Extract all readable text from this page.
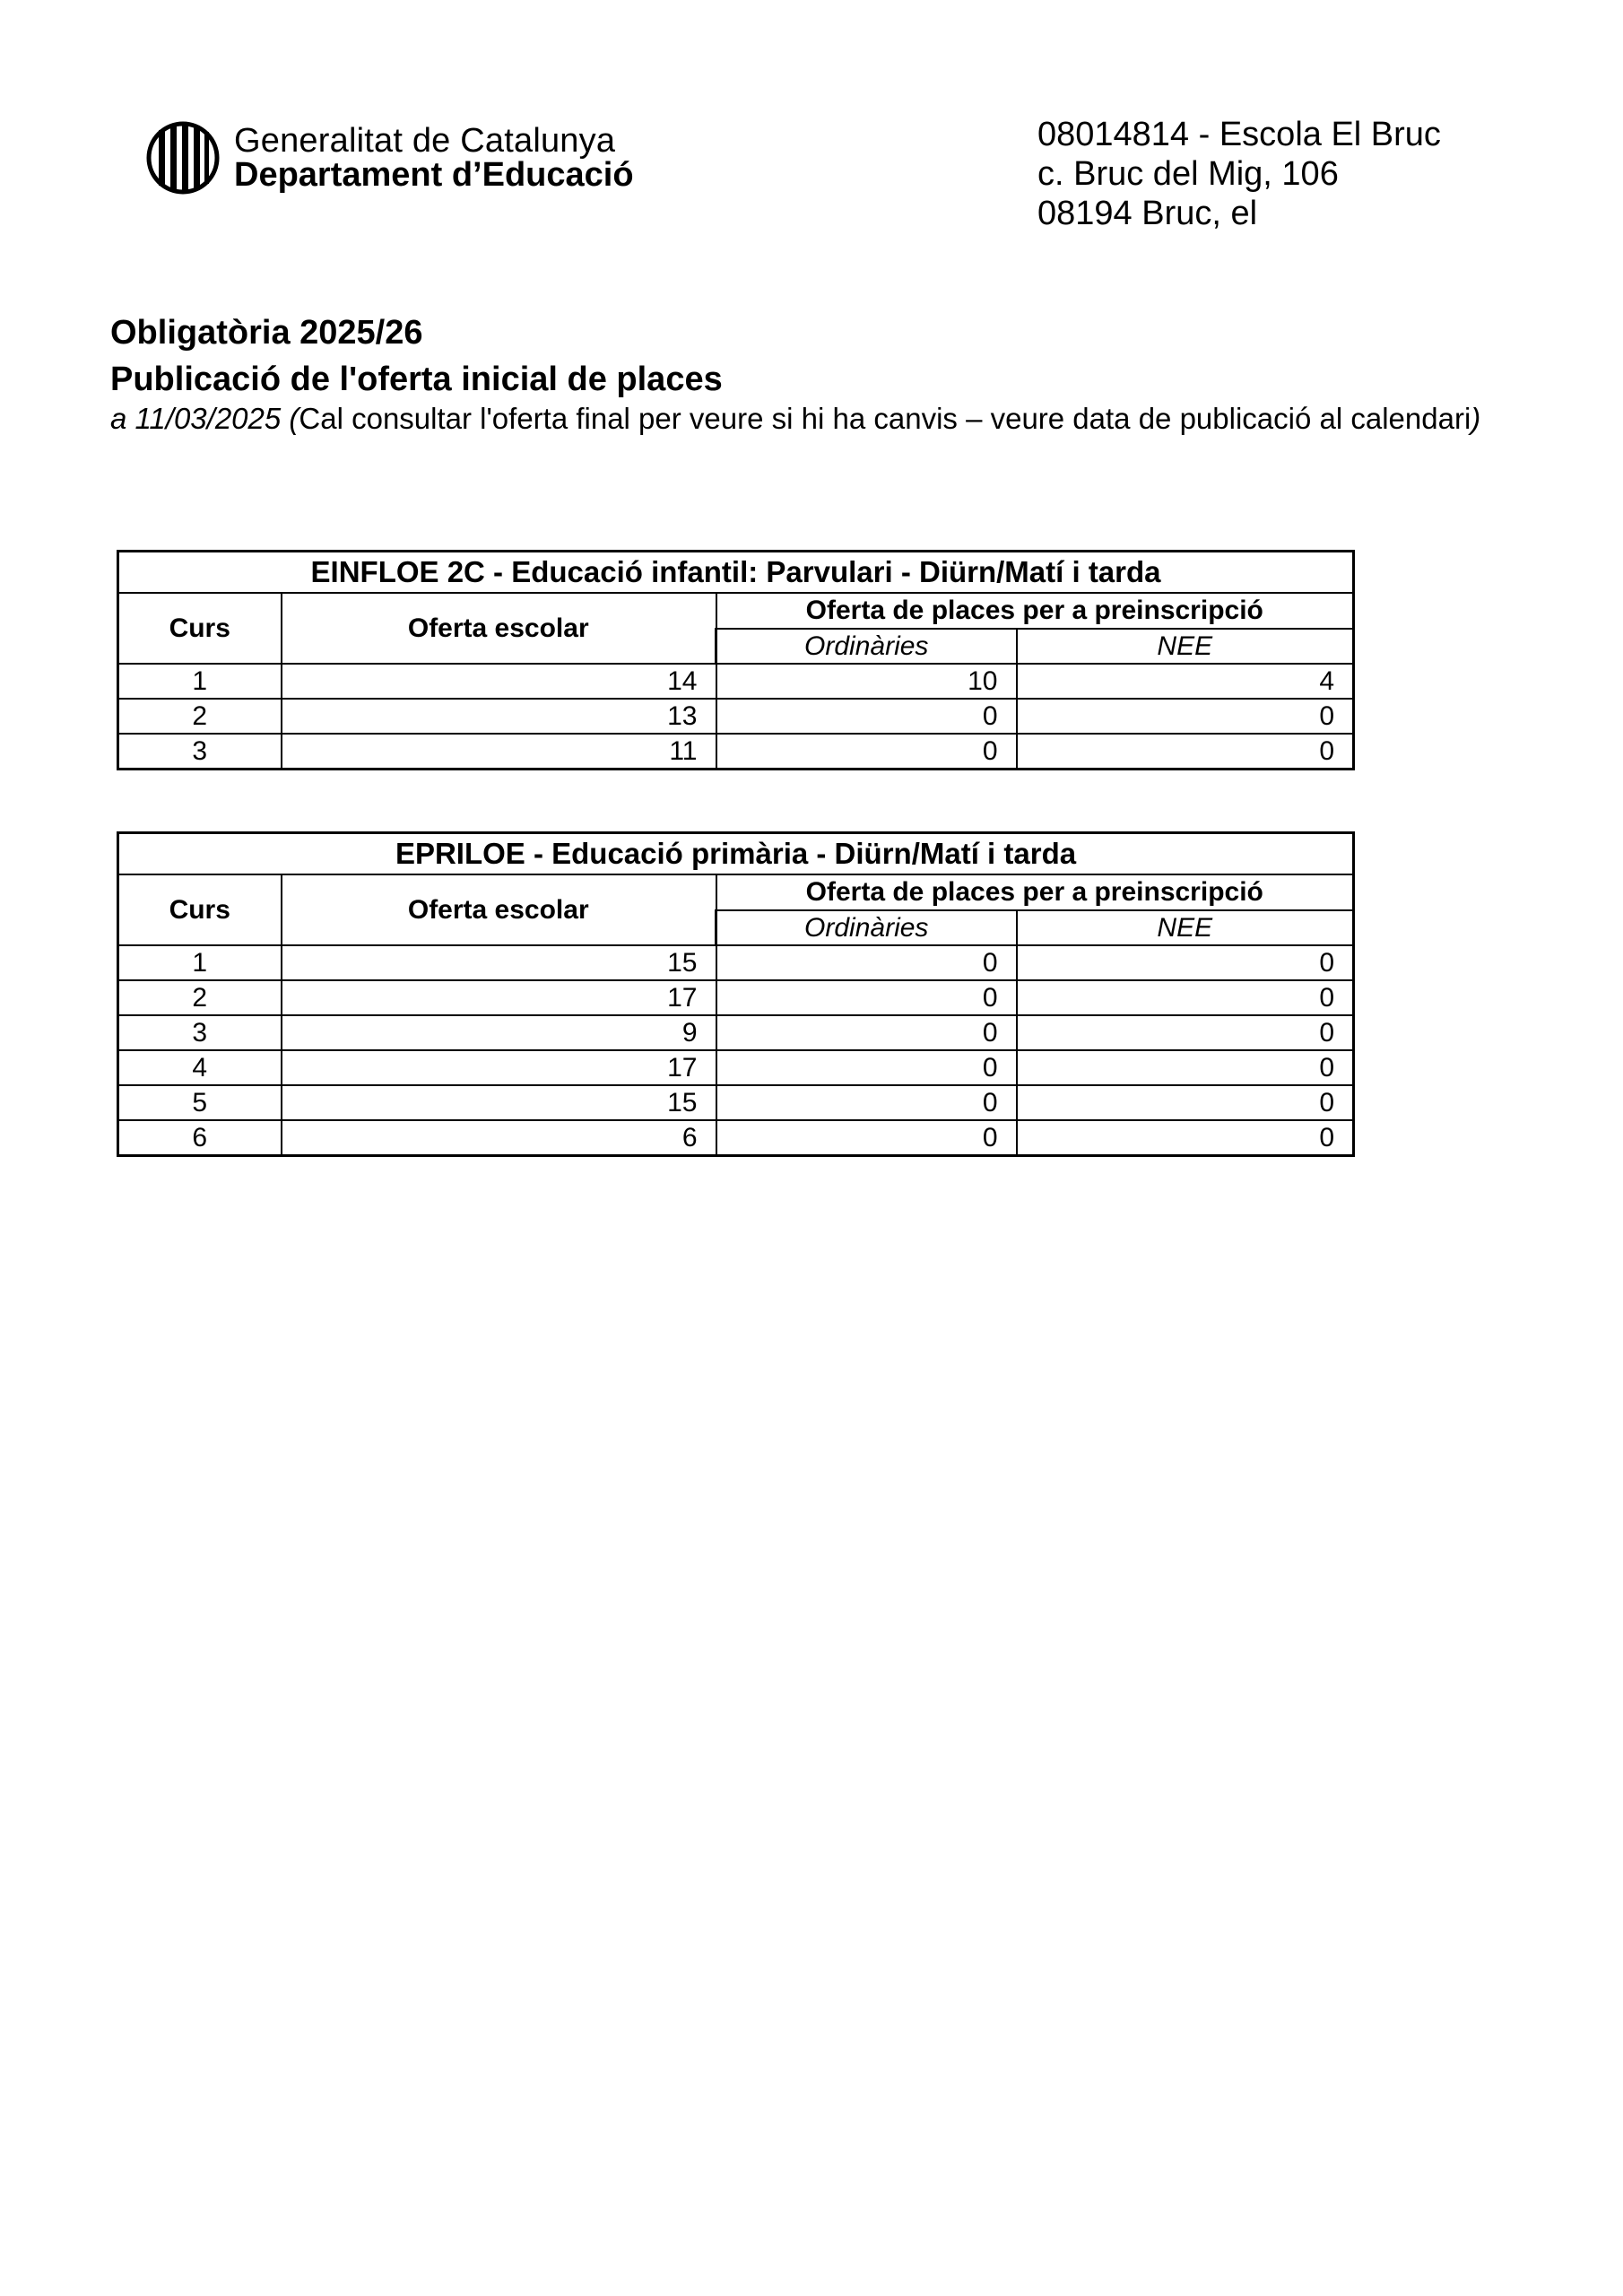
Generalitat de Catalunya
Departament d’Educació
08014814 - Escola El Bruc
c. Bruc del Mig, 106
08194 Bruc, el
Obligatòria 2025/26
Publicació de l'oferta inicial de places
a 11/03/2025 (Cal consultar l'oferta final per veure si hi ha canvis – veure data de publicació al calendari)
EINFLOE 2C - Educació infantil: Parvulari - Diürn/Matí i tarda			
Curs	Oferta escolar	Oferta de places per a preinscripció	
		Ordinàries	NEE
1	14	10	4
2	13	0	0
3	11	0	0
EPRILOE - Educació primària - Diürn/Matí i tarda			
Curs	Oferta escolar	Oferta de places per a preinscripció	
		Ordinàries	NEE
1	15	0	0
2	17	0	0
3	9	0	0
4	17	0	0
5	15	0	0
6	6	0	0
